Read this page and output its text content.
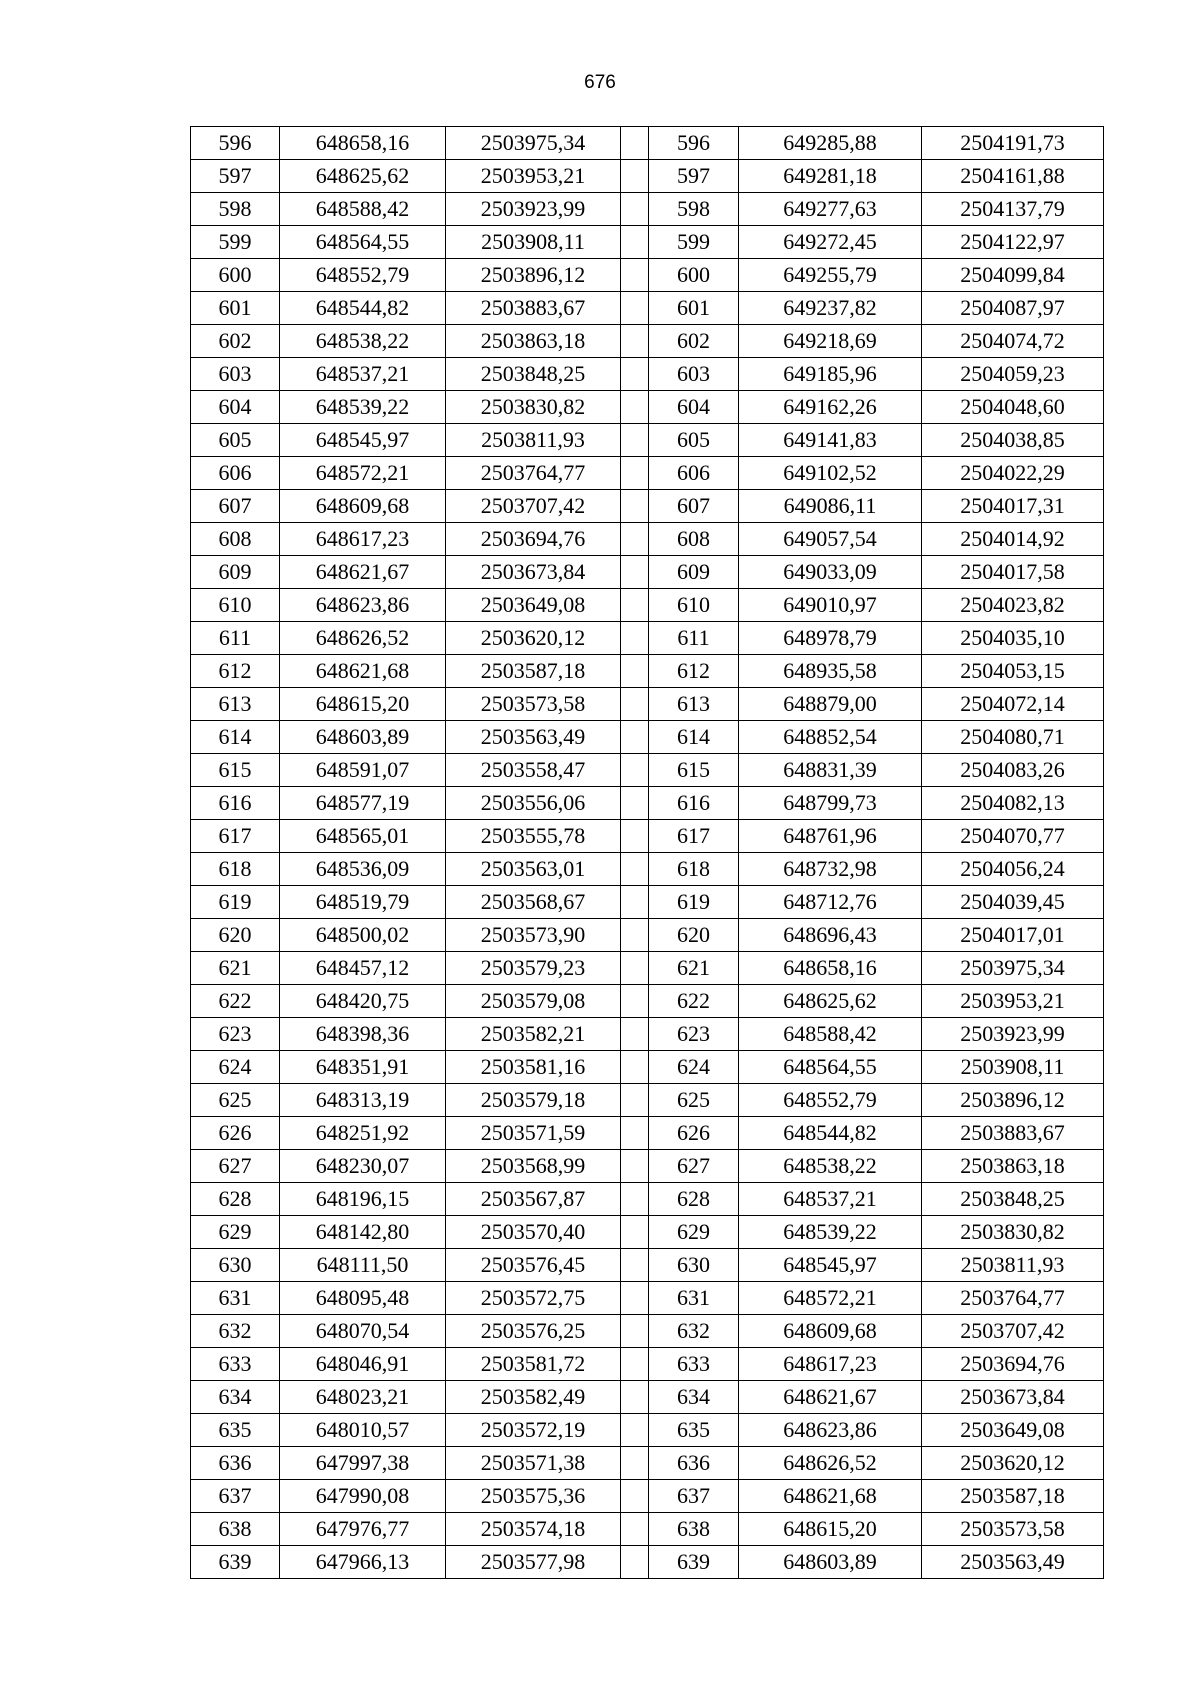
676
596	648658,16	2503975,34		596	649285,88	2504191,73
597	648625,62	2503953,21		597	649281,18	2504161,88
598	648588,42	2503923,99		598	649277,63	2504137,79
599	648564,55	2503908,11		599	649272,45	2504122,97
600	648552,79	2503896,12		600	649255,79	2504099,84
601	648544,82	2503883,67		601	649237,82	2504087,97
602	648538,22	2503863,18		602	649218,69	2504074,72
603	648537,21	2503848,25		603	649185,96	2504059,23
604	648539,22	2503830,82		604	649162,26	2504048,60
605	648545,97	2503811,93		605	649141,83	2504038,85
606	648572,21	2503764,77		606	649102,52	2504022,29
607	648609,68	2503707,42		607	649086,11	2504017,31
608	648617,23	2503694,76		608	649057,54	2504014,92
609	648621,67	2503673,84		609	649033,09	2504017,58
610	648623,86	2503649,08		610	649010,97	2504023,82
611	648626,52	2503620,12		611	648978,79	2504035,10
612	648621,68	2503587,18		612	648935,58	2504053,15
613	648615,20	2503573,58		613	648879,00	2504072,14
614	648603,89	2503563,49		614	648852,54	2504080,71
615	648591,07	2503558,47		615	648831,39	2504083,26
616	648577,19	2503556,06		616	648799,73	2504082,13
617	648565,01	2503555,78		617	648761,96	2504070,77
618	648536,09	2503563,01		618	648732,98	2504056,24
619	648519,79	2503568,67		619	648712,76	2504039,45
620	648500,02	2503573,90		620	648696,43	2504017,01
621	648457,12	2503579,23		621	648658,16	2503975,34
622	648420,75	2503579,08		622	648625,62	2503953,21
623	648398,36	2503582,21		623	648588,42	2503923,99
624	648351,91	2503581,16		624	648564,55	2503908,11
625	648313,19	2503579,18		625	648552,79	2503896,12
626	648251,92	2503571,59		626	648544,82	2503883,67
627	648230,07	2503568,99		627	648538,22	2503863,18
628	648196,15	2503567,87		628	648537,21	2503848,25
629	648142,80	2503570,40		629	648539,22	2503830,82
630	648111,50	2503576,45		630	648545,97	2503811,93
631	648095,48	2503572,75		631	648572,21	2503764,77
632	648070,54	2503576,25		632	648609,68	2503707,42
633	648046,91	2503581,72		633	648617,23	2503694,76
634	648023,21	2503582,49		634	648621,67	2503673,84
635	648010,57	2503572,19		635	648623,86	2503649,08
636	647997,38	2503571,38		636	648626,52	2503620,12
637	647990,08	2503575,36		637	648621,68	2503587,18
638	647976,77	2503574,18		638	648615,20	2503573,58
639	647966,13	2503577,98		639	648603,89	2503563,49
